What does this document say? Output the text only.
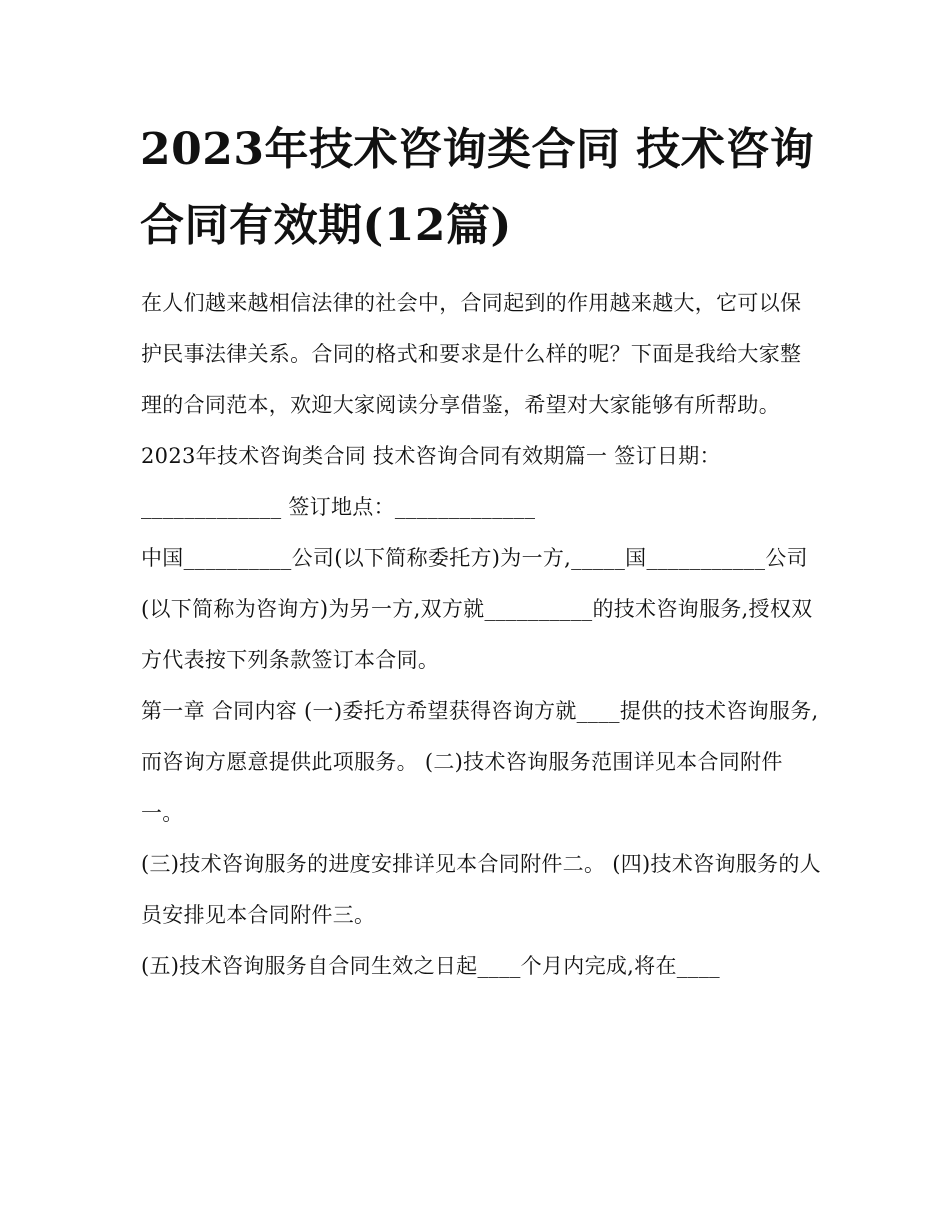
2023年技术咨询类合同 技术咨询合同有效期(12篇)

在人们越来越相信法律的社会中，合同起到的作用越来越大，它可以保护民事法律关系。合同的格式和要求是什么样的呢？下面是我给大家整理的合同范本，欢迎大家阅读分享借鉴，希望对大家能够有所帮助。

2023年技术咨询类合同 技术咨询合同有效期篇一 签订日期：_____________ 签订地点：_____________

中国__________公司(以下简称委托方)为一方,_____国___________公司(以下简称为咨询方)为另一方,双方就__________的技术咨询服务,授权双方代表按下列条款签订本合同。

第一章 合同内容 (一)委托方希望获得咨询方就____提供的技术咨询服务,而咨询方愿意提供此项服务。 (二)技术咨询服务范围详见本合同附件一。

(三)技术咨询服务的进度安排详见本合同附件二。 (四)技术咨询服务的人员安排见本合同附件三。

(五)技术咨询服务自合同生效之日起____个月内完成,将在____
